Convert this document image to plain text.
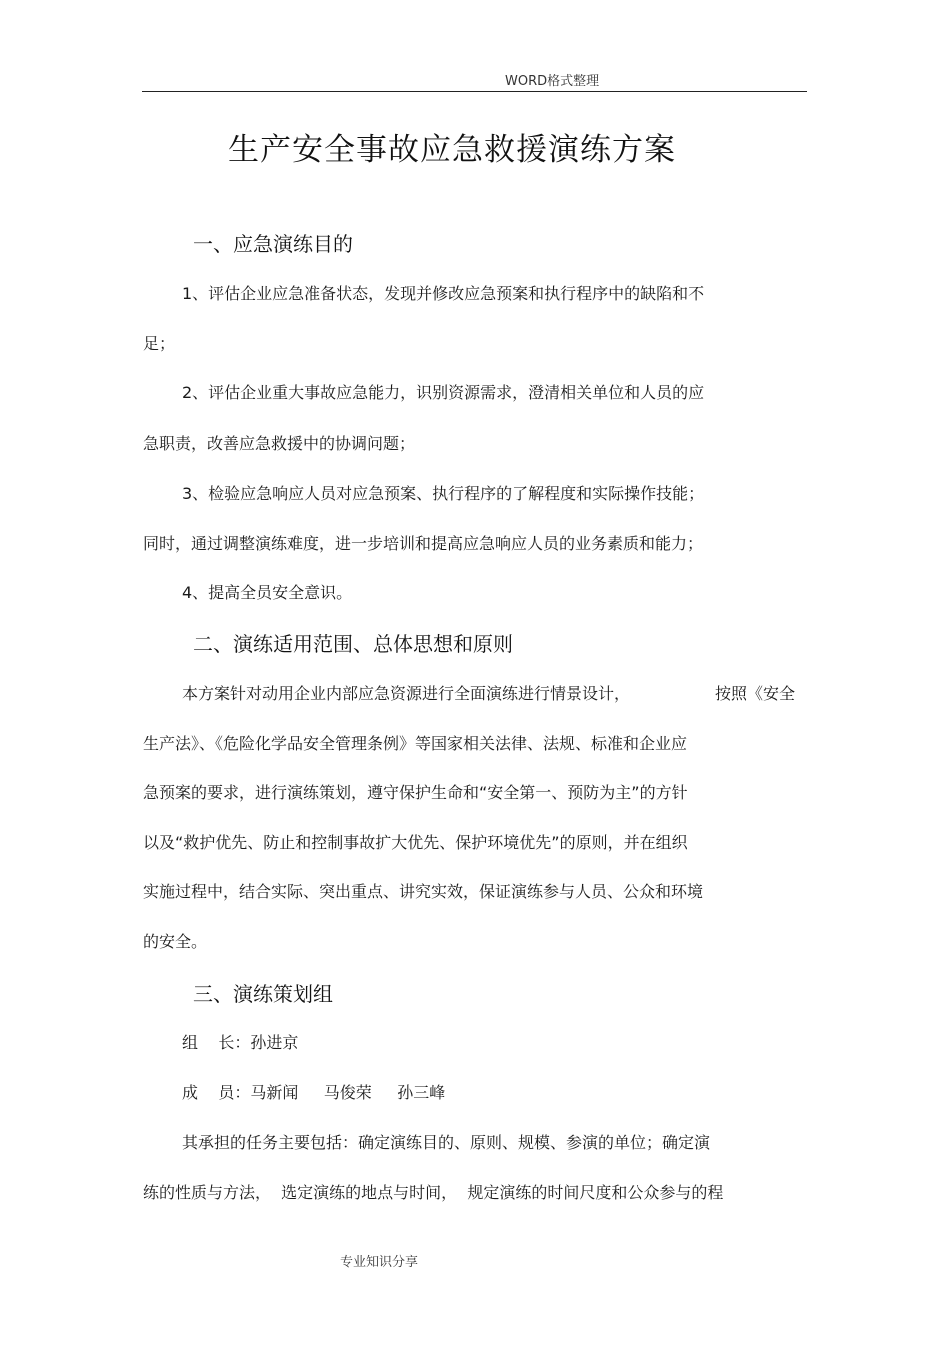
WORD格式整理
生产安全事故应急救援演练方案
一、应急演练目的
1、评估企业应急准备状态，发现并修改应急预案和执行程序中的缺陷和不
足；
2、评估企业重大事故应急能力，识别资源需求，澄清相关单位和人员的应
急职责，改善应急救援中的协调问题；
3、检验应急响应人员对应急预案、执行程序的了解程度和实际操作技能；
同时，通过调整演练难度，进一步培训和提高应急响应人员的业务素质和能力；
4、提高全员安全意识。
二、演练适用范围、总体思想和原则
本方案针对动用企业内部应急资源进行全面演练进行情景设计，	按照《安全
生产法》、《危险化学品安全管理条例》等国家相关法律、法规、标准和企业应
急预案的要求，进行演练策划，遵守保护生命和“安全第一、预防为主”的方针
以及“救护优先、防止和控制事故扩大优先、保护环境优先”的原则，并在组织
实施过程中，结合实际、突出重点、讲究实效，保证演练参与人员、公众和环境
的安全。
三、演练策划组
组    长：孙进京
成    员：马新闻     马俊荣     孙三峰
其承担的任务主要包括：确定演练目的、原则、规模、参演的单位；确定演
练的性质与方法，  选定演练的地点与时间，  规定演练的时间尺度和公众参与的程
专业知识分享
